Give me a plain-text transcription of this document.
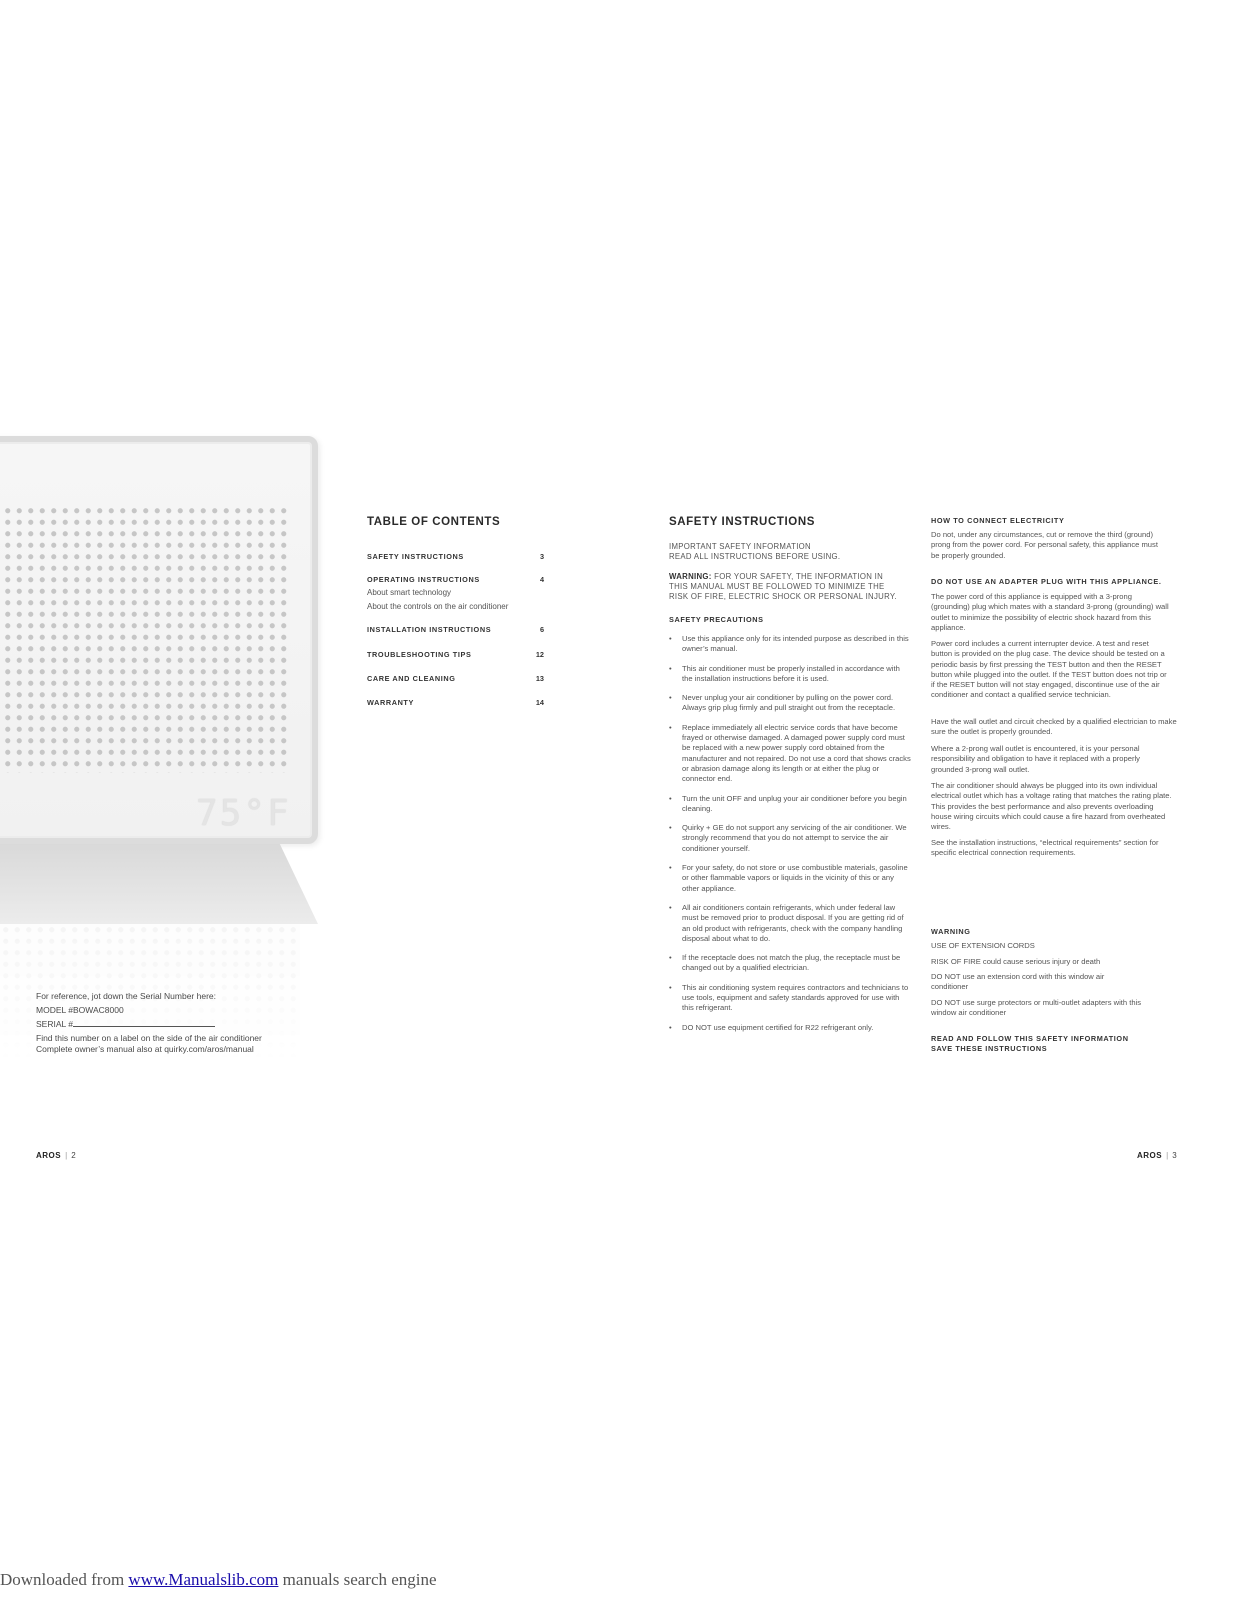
75°F
For reference, jot down the Serial Number here:
MODEL #BOWAC8000
SERIAL #
Find this number on a label on the side of the air conditioner
Complete owner’s manual also at quirky.com/aros/manual
TABLE OF CONTENTS
SAFETY INSTRUCTIONS	3
OPERATING INSTRUCTIONS	4
About smart technology
About the controls on the air conditioner
INSTALLATION INSTRUCTIONS	6
TROUBLESHOOTING TIPS	12
CARE AND CLEANING	13
WARRANTY	14
SAFETY INSTRUCTIONS
IMPORTANT SAFETY INFORMATION
READ ALL INSTRUCTIONS BEFORE USING.
WARNING: FOR YOUR SAFETY, THE INFORMATION IN
THIS MANUAL MUST BE FOLLOWED TO MINIMIZE THE
RISK OF FIRE, ELECTRIC SHOCK OR PERSONAL INJURY.
SAFETY PRECAUTIONS
• Use this appliance only for its intended purpose as described in this owner’s manual.
• This air conditioner must be properly installed in accordance with the installation instructions before it is used.
• Never unplug your air conditioner by pulling on the power cord. Always grip plug firmly and pull straight out from the receptacle.
• Replace immediately all electric service cords that have become frayed or otherwise damaged. A damaged power supply cord must be replaced with a new power supply cord obtained from the manufacturer and not repaired. Do not use a cord that shows cracks or abrasion damage along its length or at either the plug or connector end.
• Turn the unit OFF and unplug your air conditioner before you begin cleaning.
• Quirky + GE do not support any servicing of the air conditioner. We strongly recommend that you do not attempt to service the air conditioner yourself.
• For your safety, do not store or use combustible materials, gasoline or other flammable vapors or liquids in the vicinity of this or any other appliance.
• All air conditioners contain refrigerants, which under federal law must be removed prior to product disposal. If you are getting rid of an old product with refrigerants, check with the company handling disposal about what to do.
• If the receptacle does not match the plug, the receptacle must be changed out by a qualified electrician.
• This air conditioning system requires contractors and technicians to use tools, equipment and safety standards approved for use with this refrigerant.
• DO NOT use equipment certified for R22 refrigerant only.
HOW TO CONNECT ELECTRICITY
Do not, under any circumstances, cut or remove the third (ground) prong from the power cord. For personal safety, this appliance must be properly grounded.
DO NOT USE AN ADAPTER PLUG WITH THIS APPLIANCE.
The power cord of this appliance is equipped with a 3-prong (grounding) plug which mates with a standard 3-prong (grounding) wall outlet to minimize the possibility of electric shock hazard from this appliance.
Power cord includes a current interrupter device. A test and reset button is provided on the plug case. The device should be tested on a periodic basis by first pressing the TEST button and then the RESET button while plugged into the outlet. If the TEST button does not trip or if the RESET button will not stay engaged, discontinue use of the air conditioner and contact a qualified service technician.
Have the wall outlet and circuit checked by a qualified electrician to make sure the outlet is properly grounded.
Where a 2-prong wall outlet is encountered, it is your personal responsibility and obligation to have it replaced with a properly grounded 3-prong wall outlet.
The air conditioner should always be plugged into its own individual electrical outlet which has a voltage rating that matches the rating plate. This provides the best performance and also prevents overloading house wiring circuits which could cause a fire hazard from overheated wires.
See the installation instructions, “electrical requirements” section for specific electrical connection requirements.
WARNING
USE OF EXTENSION CORDS
RISK OF FIRE could cause serious injury or death
DO NOT use an extension cord with this window air conditioner
DO NOT use surge protectors or multi-outlet adapters with this window air conditioner
READ AND FOLLOW THIS SAFETY INFORMATION
SAVE THESE INSTRUCTIONS
AROS | 2	AROS | 3
Downloaded from www.Manualslib.com manuals search engine
